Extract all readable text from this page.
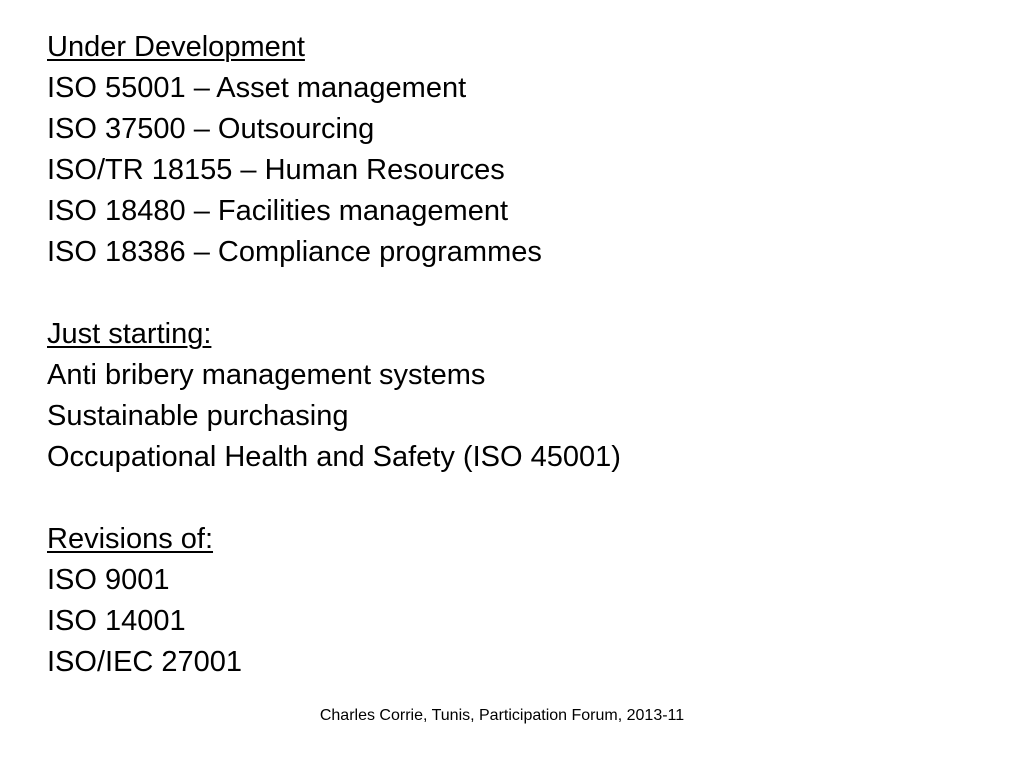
Under Development
ISO 55001 – Asset management
ISO 37500 – Outsourcing
ISO/TR 18155 – Human Resources
ISO 18480 – Facilities management
ISO 18386 – Compliance programmes
Just starting:
Anti bribery management systems
Sustainable purchasing
Occupational Health and Safety (ISO 45001)
Revisions of:
ISO 9001
ISO 14001
ISO/IEC 27001
Charles Corrie, Tunis, Participation Forum, 2013-11
